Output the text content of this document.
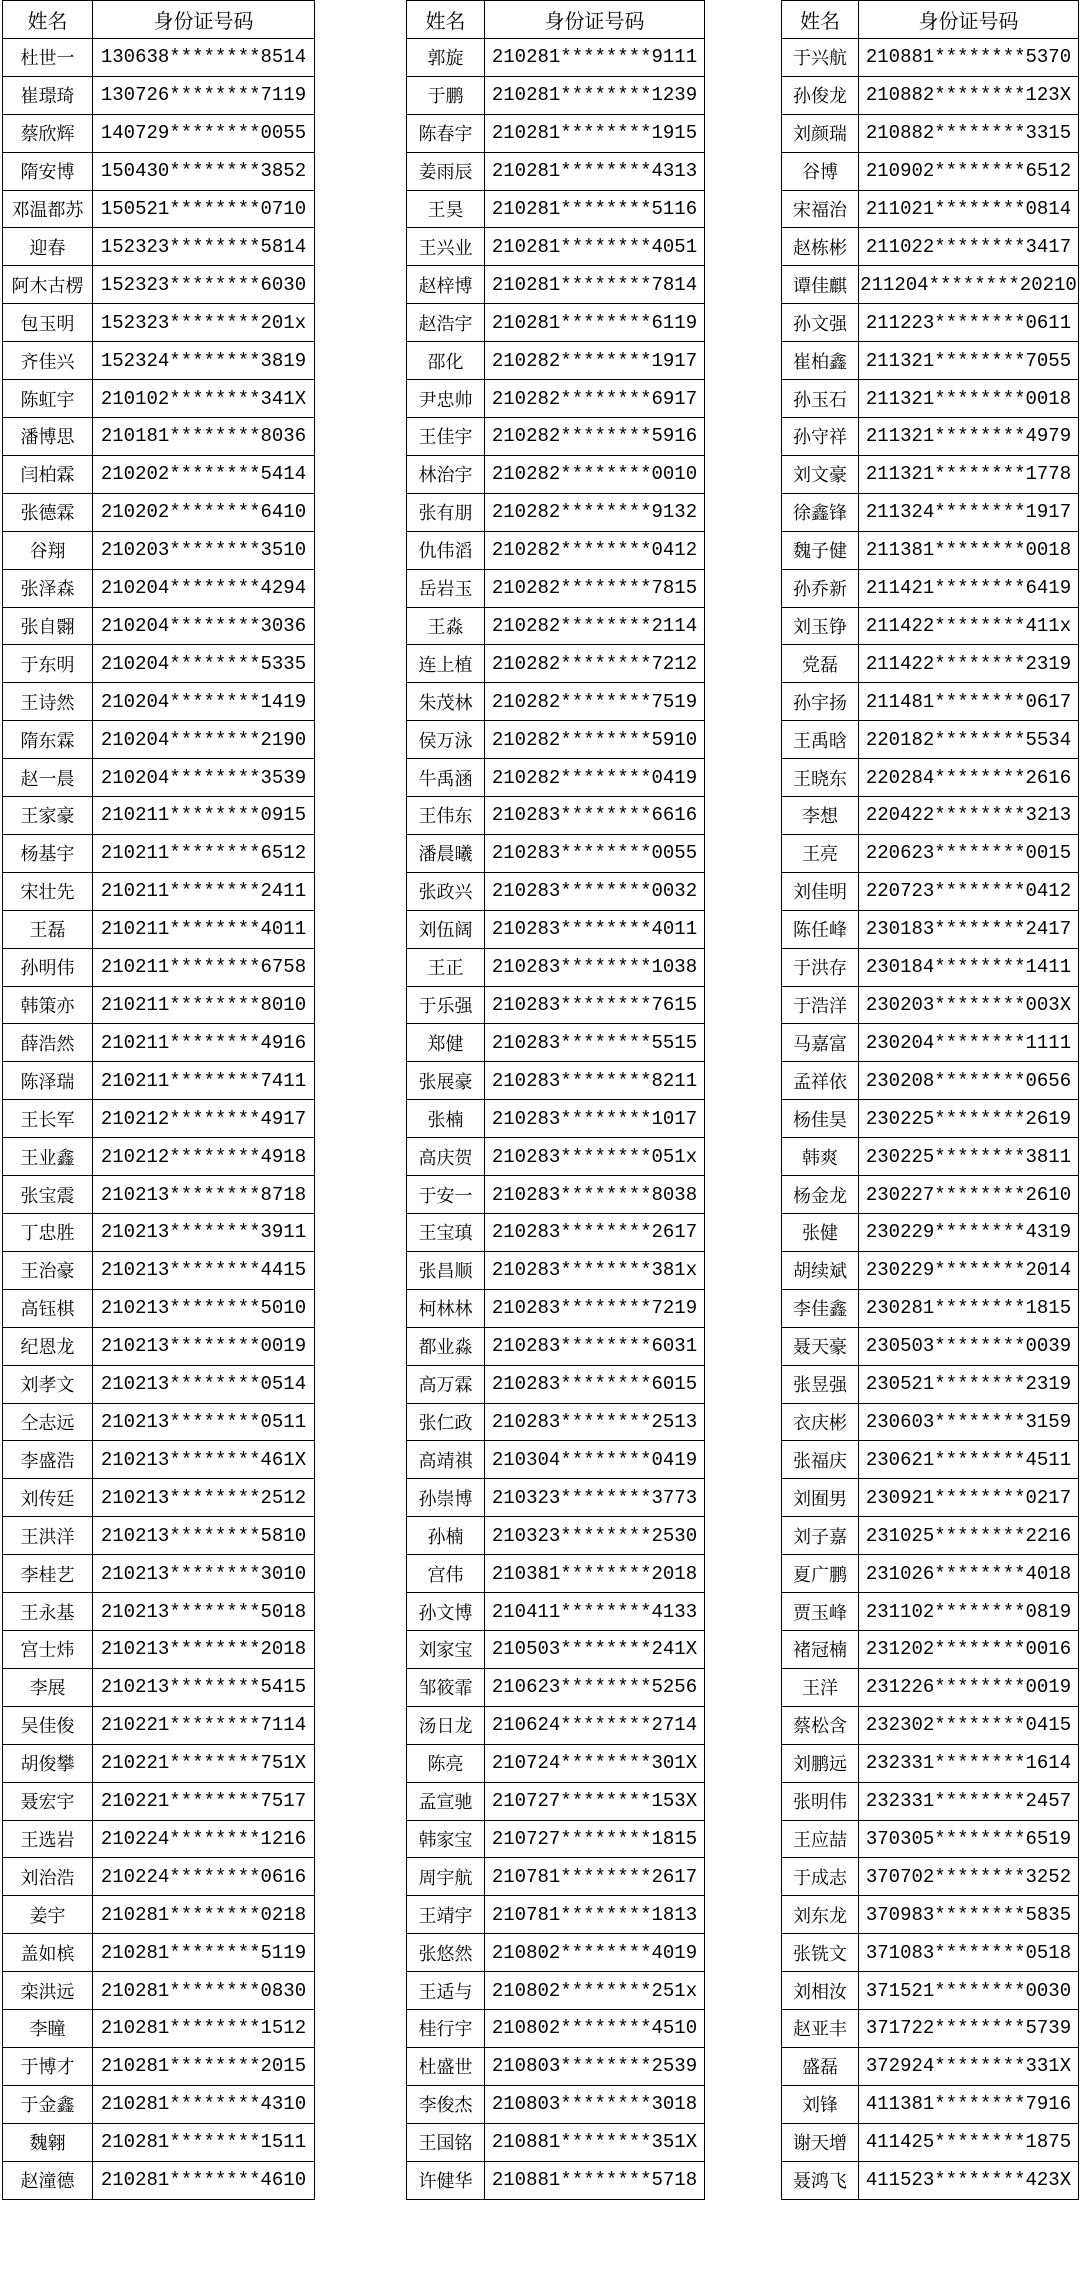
姓名	身份证号码
杜世一	130638********8514
崔璟琦	130726********7119
蔡欣辉	140729********0055
隋安博	150430********3852
邓温都苏	150521********0710
迎春	152323********5814
阿木古楞	152323********6030
包玉明	152323********201x
齐佳兴	152324********3819
陈虹宇	210102********341X
潘博思	210181********8036
闫柏霖	210202********5414
张德霖	210202********6410
谷翔	210203********3510
张泽森	210204********4294
张自翾	210204********3036
于东明	210204********5335
王诗然	210204********1419
隋东霖	210204********2190
赵一晨	210204********3539
王家豪	210211********0915
杨基宇	210211********6512
宋壮先	210211********2411
王磊	210211********4011
孙明伟	210211********6758
韩策亦	210211********8010
薛浩然	210211********4916
陈泽瑞	210211********7411
王长军	210212********4917
王业鑫	210212********4918
张宝震	210213********8718
丁忠胜	210213********3911
王治豪	210213********4415
高钰棋	210213********5010
纪恩龙	210213********0019
刘孝文	210213********0514
仝志远	210213********0511
李盛浩	210213********461X
刘传廷	210213********2512
王洪洋	210213********5810
李桂艺	210213********3010
王永基	210213********5018
宫士炜	210213********2018
李展	210213********5415
吴佳俊	210221********7114
胡俊攀	210221********751X
聂宏宇	210221********7517
王选岩	210224********1216
刘治浩	210224********0616
姜宇	210281********0218
盖如槟	210281********5119
栾洪远	210281********0830
李瞳	210281********1512
于博才	210281********2015
于金鑫	210281********4310
魏翱	210281********1511
赵潼德	210281********4610
姓名	身份证号码
郭旋	210281********9111
于鹏	210281********1239
陈春宇	210281********1915
姜雨辰	210281********4313
王昊	210281********5116
王兴业	210281********4051
赵梓博	210281********7814
赵浩宇	210281********6119
邵化	210282********1917
尹忠帅	210282********6917
王佳宇	210282********5916
林治宇	210282********0010
张有朋	210282********9132
仇伟滔	210282********0412
岳岩玉	210282********7815
王淼	210282********2114
连上植	210282********7212
朱茂林	210282********7519
侯万泳	210282********5910
牛禹涵	210282********0419
王伟东	210283********6616
潘晨曦	210283********0055
张政兴	210283********0032
刘伍阔	210283********4011
王正	210283********1038
于乐强	210283********7615
郑健	210283********5515
张展豪	210283********8211
张楠	210283********1017
高庆贺	210283********051x
于安一	210283********8038
王宝瑱	210283********2617
张昌顺	210283********381x
柯林林	210283********7219
都业淼	210283********6031
高万霖	210283********6015
张仁政	210283********2513
高靖祺	210304********0419
孙崇博	210323********3773
孙楠	210323********2530
宫伟	210381********2018
孙文博	210411********4133
刘家宝	210503********241X
邹筱霏	210623********5256
汤日龙	210624********2714
陈亮	210724********301X
孟宣驰	210727********153X
韩家宝	210727********1815
周宇航	210781********2617
王靖宇	210781********1813
张悠然	210802********4019
王适与	210802********251x
桂行宇	210802********4510
杜盛世	210803********2539
李俊杰	210803********3018
王国铭	210881********351X
许健华	210881********5718
姓名	身份证号码
于兴航	210881********5370
孙俊龙	210882********123X
刘颜瑞	210882********3315
谷博	210902********6512
宋福治	211021********0814
赵栋彬	211022********3417
谭佳麒	211204********20210
孙文强	211223********0611
崔柏鑫	211321********7055
孙玉石	211321********0018
孙守祥	211321********4979
刘文豪	211321********1778
徐鑫锋	211324********1917
魏子健	211381********0018
孙乔新	211421********6419
刘玉铮	211422********411x
党磊	211422********2319
孙宇扬	211481********0617
王禹晗	220182********5534
王晓东	220284********2616
李想	220422********3213
王亮	220623********0015
刘佳明	220723********0412
陈任峰	230183********2417
于洪存	230184********1411
于浩洋	230203********003X
马嘉富	230204********1111
孟祥依	230208********0656
杨佳昊	230225********2619
韩爽	230225********3811
杨金龙	230227********2610
张健	230229********4319
胡续斌	230229********2014
李佳鑫	230281********1815
聂天豪	230503********0039
张昱强	230521********2319
衣庆彬	230603********3159
张福庆	230621********4511
刘囿男	230921********0217
刘子嘉	231025********2216
夏广鹏	231026********4018
贾玉峰	231102********0819
褚冠楠	231202********0016
王洋	231226********0019
蔡松含	232302********0415
刘鹏远	232331********1614
张明伟	232331********2457
王应喆	370305********6519
于成志	370702********3252
刘东龙	370983********5835
张铣文	371083********0518
刘相汝	371521********0030
赵亚丰	371722********5739
盛磊	372924********331X
刘锋	411381********7916
谢天增	411425********1875
聂鸿飞	411523********423X
